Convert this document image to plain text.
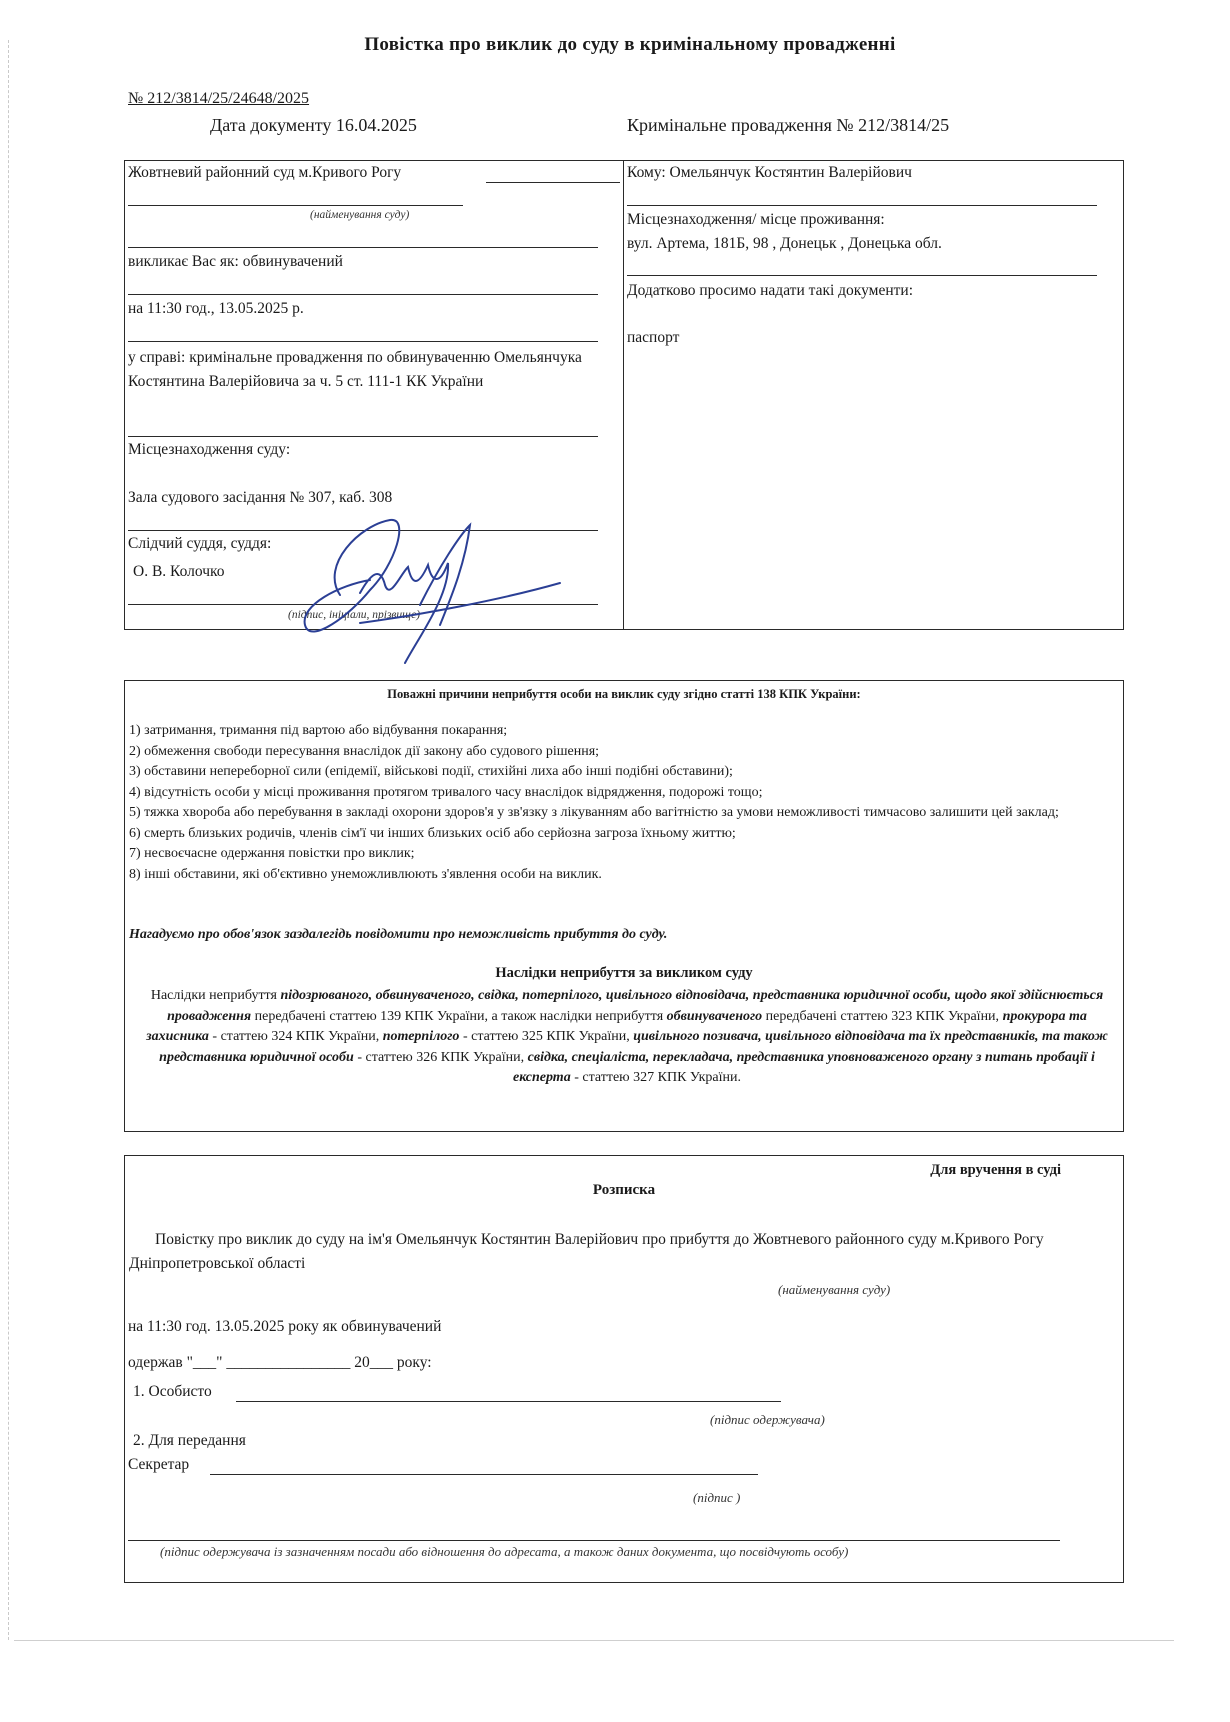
Повістка про виклик до суду в кримінальному провадженні
№ 212/3814/25/24648/2025
Дата документу 16.04.2025	Кримінальне провадження № 212/3814/25
Жовтневий районний суд м.Кривого Рогу
(найменування суду)
викликає Вас як: обвинувачений
на 11:30 год., 13.05.2025 р.
у справі: кримінальне провадження по обвинуваченню Омельянчука Костянтина Валерійовича за ч. 5 ст. 111-1 КК України
Місцезнаходження суду:
Зала судового засідання № 307, каб. 308
Слідчий суддя, суддя:
О. В. Колочко
(підпис, ініціали, прізвище)
Кому: Омельянчук Костянтин Валерійович
Місцезнаходження/ місце проживання:
вул. Артема, 181Б, 98 , Донецьк , Донецька обл.
Додатково просимо надати такі документи:
паспорт
Поважні причини неприбуття особи на виклик суду згідно статті 138 КПК України:
1) затримання, тримання під вартою або відбування покарання;
2) обмеження свободи пересування внаслідок дії закону або судового рішення;
3) обставини непереборної сили (епідемії, військові події, стихійні лиха або інші подібні обставини);
4) відсутність особи у місці проживання протягом тривалого часу внаслідок відрядження, подорожі тощо;
5) тяжка хвороба або перебування в закладі охорони здоров'я у зв'язку з лікуванням або вагітністю за умови неможливості тимчасово залишити цей заклад;
6) смерть близьких родичів, членів сім'ї чи інших близьких осіб або серйозна загроза їхньому життю;
7) несвоєчасне одержання повістки про виклик;
8) інші обставини, які об'єктивно унеможливлюють з'явлення особи на виклик.
Нагадуємо про обов'язок заздалегідь повідомити про неможливість прибуття до суду.
Наслідки неприбуття за викликом суду
Наслідки неприбуття підозрюваного, обвинуваченого, свідка, потерпілого, цивільного відповідача, представника юридичної особи, щодо якої здійснюється провадження передбачені статтею 139 КПК України, а також наслідки неприбуття обвинуваченого передбачені статтею 323 КПК України, прокурора та захисника - статтею 324 КПК України, потерпілого - статтею 325 КПК України, цивільного позивача, цивільного відповідача та їх представників, та також представника юридичної особи - статтею 326 КПК України, свідка, спеціаліста, перекладача, представника уповноваженого органу з питань пробації і експерта - статтею 327 КПК України.
Для вручення в суді
Розписка
Повістку про виклик до суду на ім'я Омельянчук Костянтин Валерійович про прибуття до Жовтневого районного суду м.Кривого Рогу Дніпропетровської області
(найменування суду)
на 11:30 год. 13.05.2025 року як обвинувачений
одержав "___" ________________ 20___ року:
1. Особисто
(підпис одержувача)
2. Для передання
Секретар
(підпис )
(підпис одержувача із зазначенням посади або відношення до адресата, а також даних документа, що посвідчують особу)
